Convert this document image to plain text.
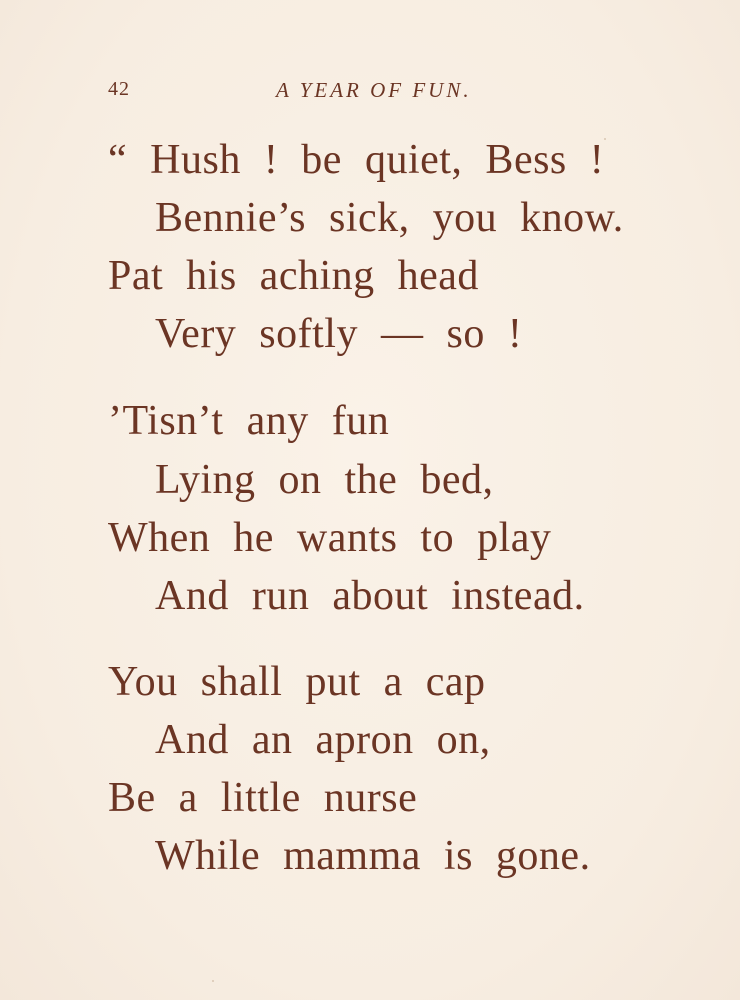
42	A YEAR OF FUN.
“ Hush ! be quiet, Bess !
Bennie’s sick, you know.
Pat his aching head
Very softly — so !
’Tisn’t any fun
Lying on the bed,
When he wants to play
And run about instead.
You shall put a cap
And an apron on,
Be a little nurse
While mamma is gone.
